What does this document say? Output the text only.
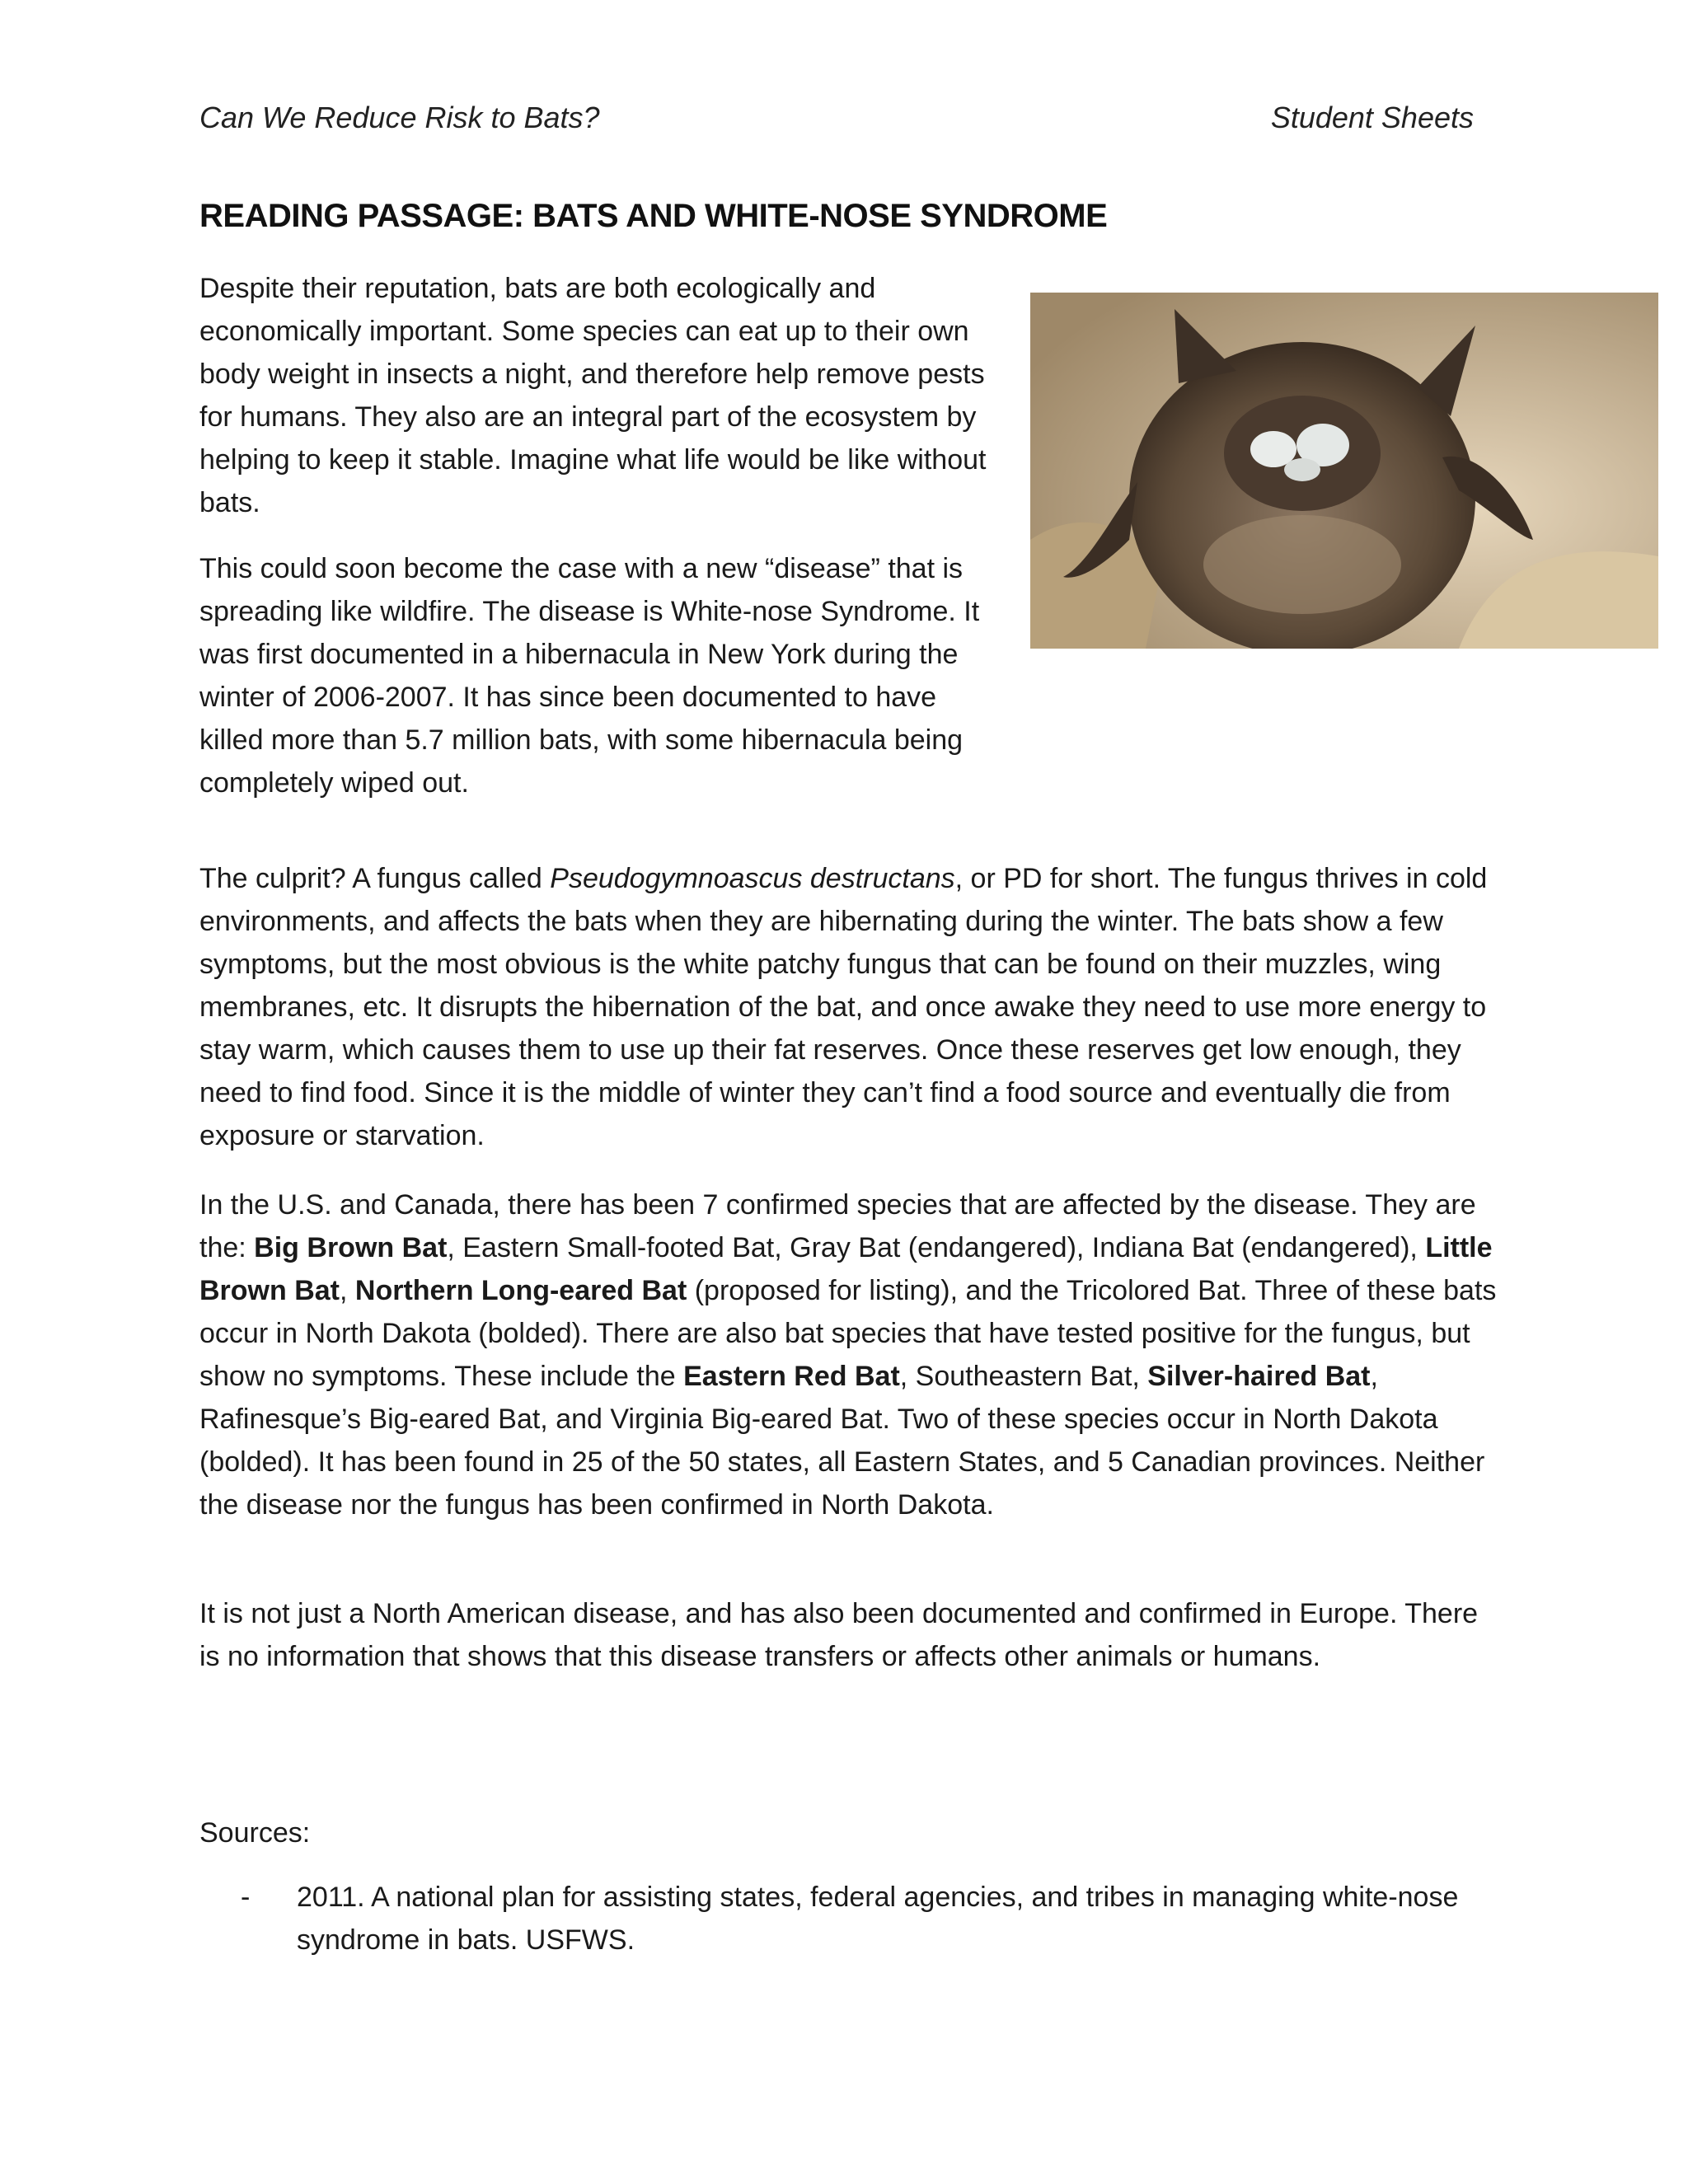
Can We Reduce Risk to Bats?	Student Sheets
READING PASSAGE: BATS AND WHITE-NOSE SYNDROME

Despite their reputation, bats are both ecologically and economically important. Some species can eat up to their own body weight in insects a night, and therefore help remove pests for humans. They also are an integral part of the ecosystem by helping to keep it stable. Imagine what life would be like without bats.

This could soon become the case with a new “disease” that is spreading like wildfire. The disease is White-nose Syndrome. It was first documented in a hibernacula in New York during the winter of 2006-2007. It has since been documented to have killed more than 5.7 million bats, with some hibernacula being completely wiped out.

The culprit? A fungus called Pseudogymnoascus destructans, or PD for short. The fungus thrives in cold environments, and affects the bats when they are hibernating during the winter. The bats show a few symptoms, but the most obvious is the white patchy fungus that can be found on their muzzles, wing membranes, etc. It disrupts the hibernation of the bat, and once awake they need to use more energy to stay warm, which causes them to use up their fat reserves. Once these reserves get low enough, they need to find food. Since it is the middle of winter they can’t find a food source and eventually die from exposure or starvation.

In the U.S. and Canada, there has been 7 confirmed species that are affected by the disease. They are the: Big Brown Bat, Eastern Small-footed Bat, Gray Bat (endangered), Indiana Bat (endangered), Little Brown Bat, Northern Long-eared Bat (proposed for listing), and the Tricolored Bat. Three of these bats occur in North Dakota (bolded). There are also bat species that have tested positive for the fungus, but show no symptoms. These include the Eastern Red Bat, Southeastern Bat, Silver-haired Bat, Rafinesque’s Big-eared Bat, and Virginia Big-eared Bat. Two of these species occur in North Dakota (bolded). It has been found in 25 of the 50 states, all Eastern States, and 5 Canadian provinces. Neither the disease nor the fungus has been confirmed in North Dakota.

It is not just a North American disease, and has also been documented and confirmed in Europe. There is no information that shows that this disease transfers or affects other animals or humans.

Sources:

- 2011. A national plan for assisting states, federal agencies, and tribes in managing white-nose syndrome in bats. USFWS.
